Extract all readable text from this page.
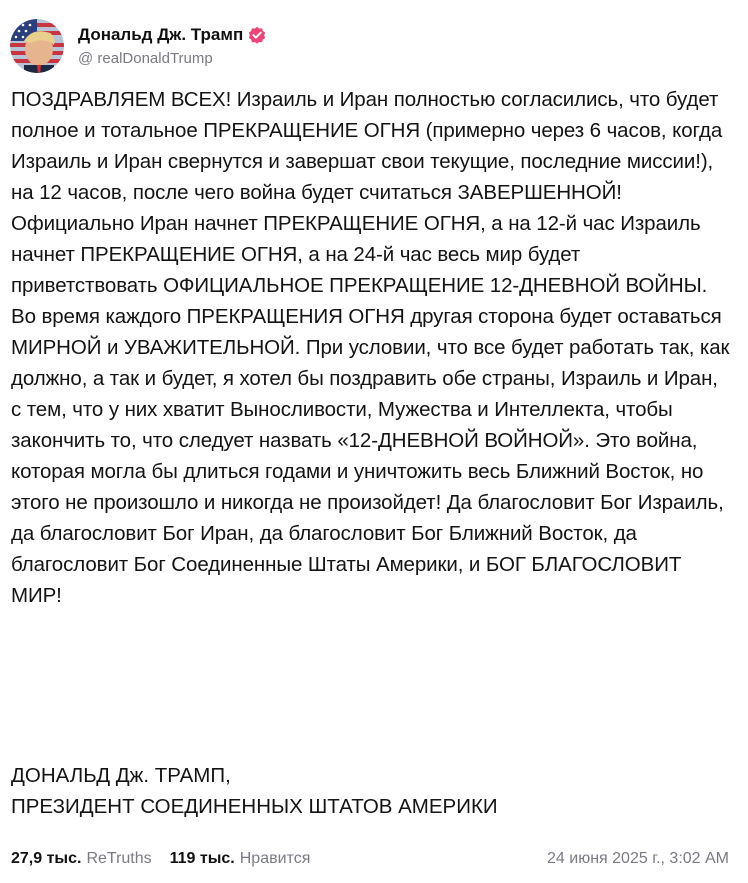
Дональд Дж. Трамп
@ realDonaldTrump
ПОЗДРАВЛЯЕМ ВСЕХ! Израиль и Иран полностью согласились, что будет полное и тотальное ПРЕКРАЩЕНИЕ ОГНЯ (примерно через 6 часов, когда Израиль и Иран свернутся и завершат свои текущие, последние миссии!), на 12 часов, после чего война будет считаться ЗАВЕРШЕННОЙ! Официально Иран начнет ПРЕКРАЩЕНИЕ ОГНЯ, а на 12-й час Израиль начнет ПРЕКРАЩЕНИЕ ОГНЯ, а на 24-й час весь мир будет приветствовать ОФИЦИАЛЬНОЕ ПРЕКРАЩЕНИЕ 12-ДНЕВНОЙ ВОЙНЫ. Во время каждого ПРЕКРАЩЕНИЯ ОГНЯ другая сторона будет оставаться МИРНОЙ и УВАЖИТЕЛЬНОЙ. При условии, что все будет работать так, как должно, а так и будет, я хотел бы поздравить обе страны, Израиль и Иран, с тем, что у них хватит Выносливости, Мужества и Интеллекта, чтобы закончить то, что следует назвать «12-ДНЕВНОЙ ВОЙНОЙ». Это война, которая могла бы длиться годами и уничтожить весь Ближний Восток, но этого не произошло и никогда не произойдет! Да благословит Бог Израиль, да благословит Бог Иран, да благословит Бог Ближний Восток, да благословит Бог Соединенные Штаты Америки, и БОГ БЛАГОСЛОВИТ МИР!
ДОНАЛЬД Дж. ТРАМП,
ПРЕЗИДЕНТ СОЕДИНЕННЫХ ШТАТОВ АМЕРИКИ
27,9 тыс. ReTruths 119 тыс. Нравится	24 июня 2025 г., 3:02 AM
